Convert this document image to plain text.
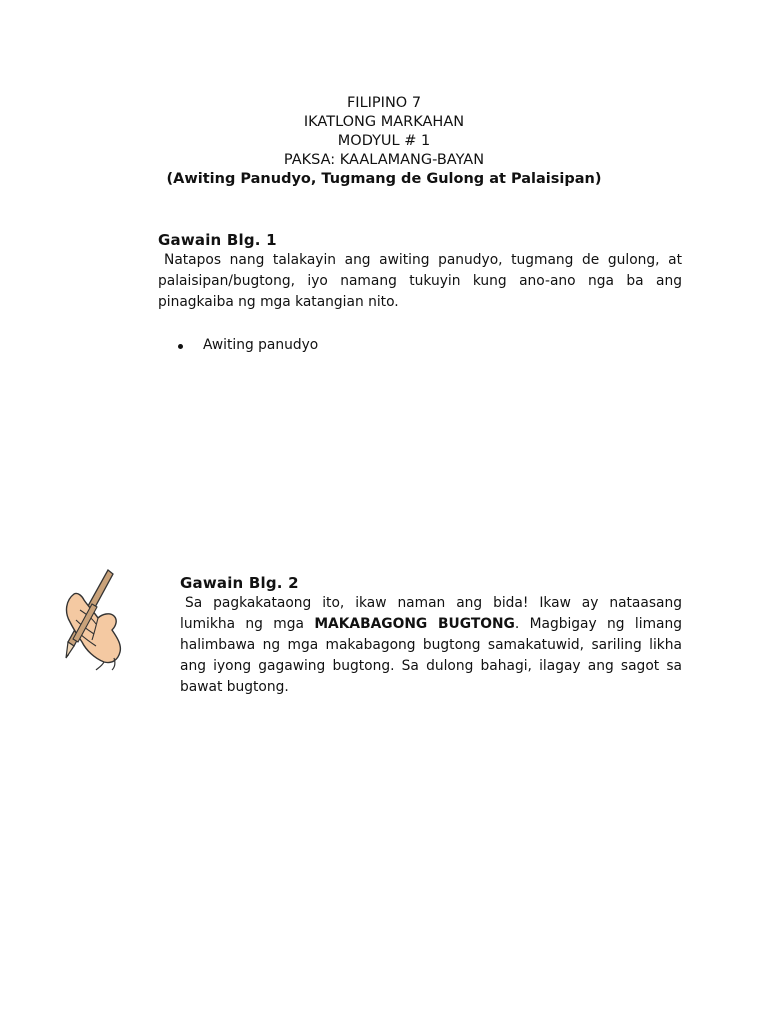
FILIPINO 7
IKATLONG MARKAHAN
MODYUL # 1
PAKSA: KAALAMANG-BAYAN
(Awiting Panudyo, Tugmang de Gulong at Palaisipan)
Gawain Blg. 1
Natapos nang talakayin ang awiting panudyo, tugmang de gulong, at palaisipan/bugtong, iyo namang tukuyin kung ano-ano nga ba ang pinagkaiba ng mga katangian nito.
Awiting panudyo
Gawain Blg. 2
Sa pagkakataong ito, ikaw naman ang bida! Ikaw ay nataasang lumikha ng mga MAKABAGONG BUGTONG. Magbigay ng limang halimbawa ng mga makabagong bugtong samakatuwid, sariling likha ang iyong gagawing bugtong. Sa dulong bahagi, ilagay ang sagot sa bawat bugtong.
